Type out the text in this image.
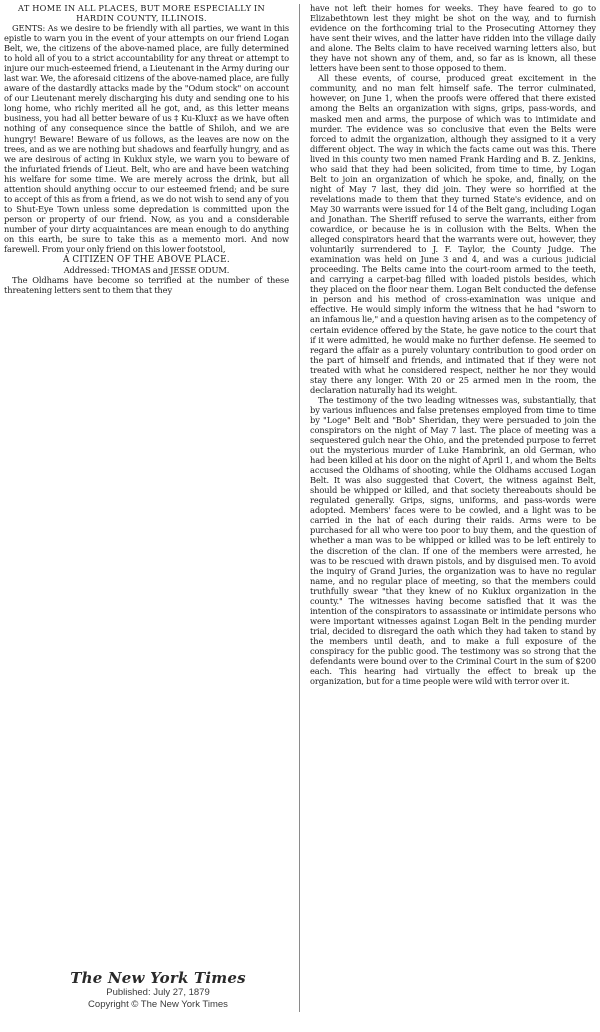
AT HOME IN ALL PLACES, BUT MORE ESPECIALLY IN HARDIN COUNTY, ILLINOIS.

GENTS: As we desire to be friendly with all parties, we want in this epistle to warn you in the event of your attempts on our friend Logan Belt, we, the citizens of the above-named place, are fully determined to hold all of you to a strict accountability for any threat or attempt to injure our much-esteemed friend, a Lieutenant in the Army during our last war. We, the aforesaid citizens of the above-named place, are fully aware of the dastardly attacks made by the "Odum stock" on account of our Lieutenant merely discharging his duty and sending one to his long home, who richly merited all he got, and, as this letter means business, you had all better beware of us ‡ Ku-Klux‡ as we have often nothing of any consequence since the battle of Shiloh, and we are hungry! Beware! Beware of us follows, as the leaves are now on the trees, and as we are nothing but shadows and fearfully hungry, and as we are desirous of acting in Kuklux style, we warn you to beware of the infuriated friends of Lieut. Belt, who are and have been watching his welfare for some time. We are merely across the drink, but all attention should anything occur to our esteemed friend; and be sure to accept of this as from a friend, as we do not wish to send any of you to Shut-Eye Town unless some depredation is committed upon the person or property of our friend. Now, as you and a considerable number of your dirty acquaintances are mean enough to do anything on this earth, be sure to take this as a memento mori. And now farewell. From your only friend on this lower footstool,

A CITIZEN OF THE ABOVE PLACE.

Addressed: THOMAS and JESSE ODUM.

The Oldhams have become so terrified at the number of these threatening letters sent to them that they

have not left their homes for weeks. They have feared to go to Elizabethtown lest they might be shot on the way, and to furnish evidence on the forthcoming trial to the Prosecuting Attorney they have sent their wives, and the latter have ridden into the village daily and alone. The Belts claim to have received warning letters also, but they have not shown any of them, and, so far as is known, all these letters have been sent to those opposed to them.

All these events, of course, produced great excitement in the community, and no man felt himself safe. The terror culminated, however, on June 1, when the proofs were offered that there existed among the Belts an organization with signs, grips, pass-words, and masked men and arms, the purpose of which was to intimidate and murder. The evidence was so conclusive that even the Belts were forced to admit the organization, although they assigned to it a very different object. The way in which the facts came out was this. There lived in this county two men named Frank Harding and B. Z. Jenkins, who said that they had been solicited, from time to time, by Logan Belt to join an organization of which he spoke, and, finally, on the night of May 7 last, they did join. They were so horrified at the revelations made to them that they turned State's evidence, and on May 30 warrants were issued for 14 of the Belt gang, including Logan and Jonathan. The Sheriff refused to serve the warrants, either from cowardice, or because he is in collusion with the Belts. When the alleged conspirators heard that the warrants were out, however, they voluntarily surrendered to J. F. Taylor, the County Judge. The examination was held on June 3 and 4, and was a curious judicial proceeding. The Belts came into the court-room armed to the teeth, and carrying a carpet-bag filled with loaded pistols besides, which they placed on the floor near them. Logan Belt conducted the defense in person and his method of cross-examination was unique and effective. He would simply inform the witness that he had "sworn to an infamous lie," and a question having arisen as to the competency of certain evidence offered by the State, he gave notice to the court that if it were admitted, he would make no further defense. He seemed to regard the affair as a purely voluntary contribution to good order on the part of himself and friends, and intimated that if they were not treated with what he considered respect, neither he nor they would stay there any longer. With 20 or 25 armed men in the room, the declaration naturally had its weight.

The testimony of the two leading witnesses was, substantially, that by various influences and false pretenses employed from time to time by "Loge" Belt and "Bob" Sheridan, they were persuaded to join the conspirators on the night of May 7 last. The place of meeting was a sequestered gulch near the Ohio, and the pretended purpose to ferret out the mysterious murder of Luke Hambrink, an old German, who had been killed at his door on the night of April 1, and whom the Belts accused the Oldhams of shooting, while the Oldhams accused Logan Belt. It was also suggested that Covert, the witness against Belt, should be whipped or killed, and that society thereabouts should be regulated generally. Grips, signs, uniforms, and pass-words were adopted. Members' faces were to be cowled, and a light was to be carried in the hat of each during their raids. Arms were to be purchased for all who were too poor to buy them, and the question of whether a man was to be whipped or killed was to be left entirely to the discretion of the clan. If one of the members were arrested, he was to be rescued with drawn pistols, and by disguised men. To avoid the inquiry of Grand Juries, the organization was to have no regular name, and no regular place of meeting, so that the members could truthfully swear "that they knew of no Kuklux organization in the county." The witnesses having become satisfied that it was the intention of the conspirators to assassinate or intimidate persons who were important witnesses against Logan Belt in the pending murder trial, decided to disregard the oath which they had taken to stand by the members until death, and to make a full exposure of the conspiracy for the public good. The testimony was so strong that the defendants were bound over to the Criminal Court in the sum of $200 each. This hearing had virtually the effect to break up the organization, but for a time people were wild with terror over it.

The New York Times
Published: July 27, 1879
Copyright © The New York Times
